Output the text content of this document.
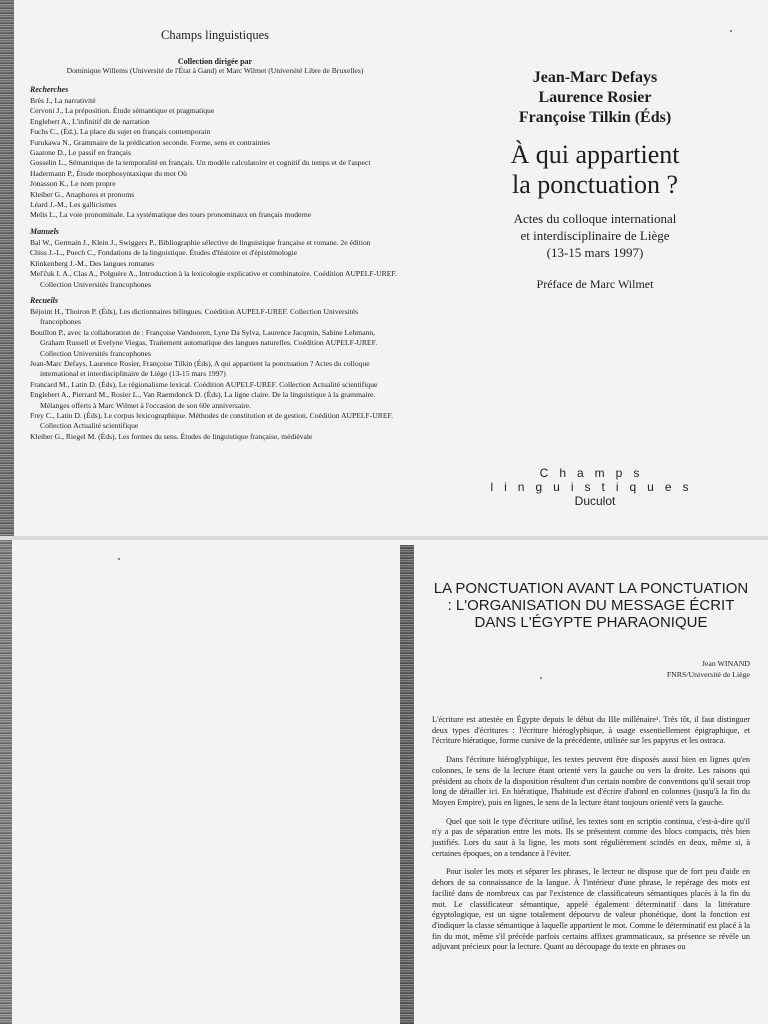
Champs linguistiques

Collection dirigée par

Dominique Willems (Université de l'État à Gand) et Marc Wilmet (Université Libre de Bruxelles)

Recherches

Brès J., La narrativité

Cervoni J., La préposition. Étude sémantique et pragmatique

Englebert A., L'infinitif dit de narration

Fuchs C., (Éd.), La place du sujet en français contemporain

Furukawa N., Grammaire de la prédication seconde. Forme, sens et contraintes

Gaatone D., Le passif en français

Gosselin L., Sémantique de la temporalité en français. Un modèle calculatoire et cognitif du temps et de l'aspect

Hadermann P., Étude morphosyntaxique du mot Où

Jonasson K., Le nom propre

Kleiber G., Anaphores et pronoms

Léard J.-M., Les gallicismes

Melis L., La voie pronominale. La systématique des tours pronominaux en français moderne

Manuels

Bal W., Germain J., Klein J., Swiggers P., Bibliographie sélective de linguistique française et romane. 2e édition

Chiss J.-L., Puech C., Fondations de la linguistique. Études d'histoire et d'épistémologie

Klinkenberg J.-M., Des langues romanes

Mel'čuk I. A., Clas A., Polguère A., Introduction à la lexicologie explicative et combinatoire. Coédition AUPELF-UREF. Collection Universités francophones

Recueils

Béjoint H., Thoiron P. (Éds), Les dictionnaires bilingues. Coédition AUPELF-UREF. Collection Universités francophones

Bouillon P., avec la collaboration de : Françoise Vandooren, Lyne Da Sylva, Laurence Jacqmin, Sabine Lehmann, Graham Russell et Evelyne Viegas, Traitement automatique des langues naturelles. Coédition AUPELF-UREF. Collection Universités francophones

Jean-Marc Defays, Laurence Rosier, Françoise Tilkin (Éds), A qui appartient la ponctuation ? Actes du colloque international et interdisciplinaire de Liège (13-15 mars 1997)

Francard M., Latin D. (Éds), Le régionalisme lexical. Coédition AUPELF-UREF. Collection Actualité scientifique

Englebert A., Pierrard M., Rosier L., Van Raemdonck D. (Éds), La ligne claire. De la linguistique à la grammaire. Mélanges offerts à Marc Wilmet à l'occasion de son 60e anniversaire.

Frey C., Latin D. (Éds), Le corpus lexicographique. Méthodes de constitution et de gestion. Coédition AUPELF-UREF. Collection Actualité scientifique

Kleiber G., Riegel M. (Éds), Les formes du sens. Études de linguistique française, médiévale

Jean-Marc Defays

Laurence Rosier

Françoise Tilkin (Éds)

À qui appartient
la ponctuation ?

Actes du colloque international
et interdisciplinaire de Liège
(13-15 mars 1997)

Préface de Marc Wilmet

Champs linguistiques
Duculot

LA PONCTUATION AVANT LA PONCTUATION : L'ORGANISATION DU MESSAGE ÉCRIT DANS L'ÉGYPTE PHARAONIQUE

Jean WINAND

FNRS/Université de Liège

L'écriture est attestée en Égypte depuis le début du IIIe millénaire¹. Très tôt, il faut distinguer deux types d'écritures : l'écriture hiéroglyphique, à usage essentiellement épigraphique, et l'écriture hiératique, forme cursive de la précédente, utilisée sur les papyrus et les ostraca.

Dans l'écriture hiéroglyphique, les textes peuvent être disposés aussi bien en lignes qu'en colonnes, le sens de la lecture étant orienté vers la gauche ou vers la droite. Les raisons qui président au choix de la disposition résultent d'un certain nombre de conventions qu'il serait trop long de détailler ici. En hiératique, l'habitude est d'écrire d'abord en colonnes (jusqu'à la fin du Moyen Empire), puis en lignes, le sens de la lecture étant toujours orienté vers la gauche.

Quel que soit le type d'écriture utilisé, les textes sont en scriptio continua, c'est-à-dire qu'il n'y a pas de séparation entre les mots. Ils se présentent comme des blocs compacts, très bien justifiés. Lors du saut à la ligne, les mots sont régulièrement scindés en deux, même si, à certaines époques, on a tendance à l'éviter.

Pour isoler les mots et séparer les phrases, le lecteur ne dispose que de fort peu d'aide en dehors de sa connaissance de la langue. À l'intérieur d'une phrase, le repérage des mots est facilité dans de nombreux cas par l'existence de classificateurs sémantiques placés à la fin du mot. Le classificateur sémantique, appelé également déterminatif dans la littérature égyptologique, est un signe totalement dépourvu de valeur phonétique, dont la fonction est d'indiquer la classe sémantique à laquelle appartient le mot. Comme le déterminatif est placé à la fin du mot, même s'il précède parfois certains affixes grammaticaux, sa présence se révèle un adjuvant précieux pour la lecture. Quant au découpage du texte en phrases ou
